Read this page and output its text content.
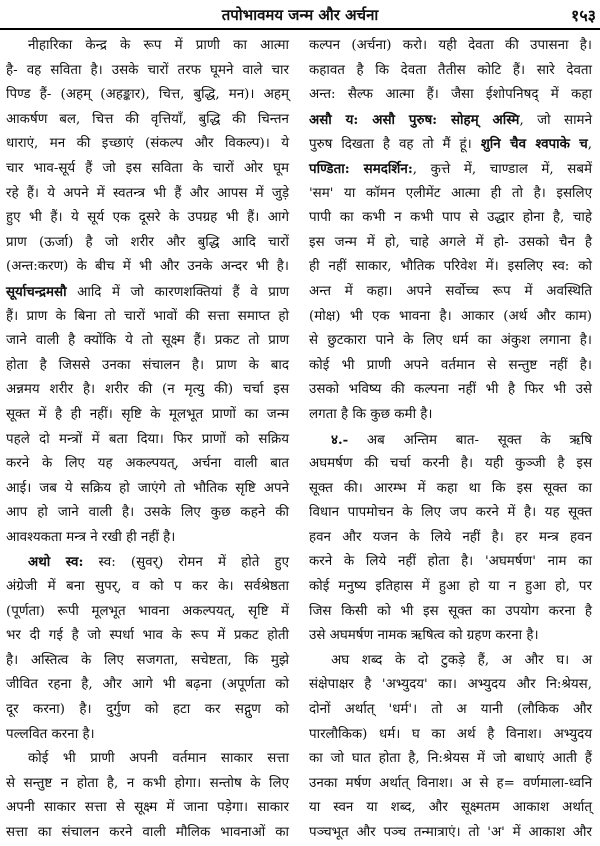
तपोभावमय जन्म और अर्चना	१५३
नीहारिका केन्द्र के रूप में प्राणी का आत्मा
है- वह सविता है। उसके चारों तरफ घूमने वाले चार
पिण्ड हैं- (अहम् (अहङ्कार), चित्त, बुद्धि, मन)। अहम्
आकर्षण बल, चित्त की वृत्तियाँ, बुद्धि की चिन्तन
धाराएं, मन की इच्छाएं (संकल्प और विकल्प)। ये
चार भाव-सूर्य हैं जो इस सविता के चारों ओर घूम
रहे हैं। ये अपने में स्वतन्त्र भी हैं और आपस में जुड़े
हुए भी हैं। ये सूर्य एक दूसरे के उपग्रह भी हैं। आगे
प्राण (ऊर्जा) है जो शरीर और बुद्धि आदि चारों
(अन्त:करण) के बीच में भी और उनके अन्दर भी है।
सूर्याचन्द्रमसौ आदि में जो कारणशक्तियां हैं वे प्राण
हैं। प्राण के बिना तो चारों भावों की सत्ता समाप्त हो
जाने वाली है क्योंकि ये तो सूक्ष्म हैं। प्रकट तो प्राण
होता है जिससे उनका संचालन है। प्राण के बाद
अन्नमय शरीर है। शरीर की (न मृत्यु की) चर्चा इस
सूक्त में है ही नहीं। सृष्टि के मूलभूत प्राणों का जन्म
पहले दो मन्त्रों में बता दिया। फिर प्राणों को सक्रिय
करने के लिए यह अकल्पयत्, अर्चना वाली बात
आई। जब ये सक्रिय हो जाएंगे तो भौतिक सृष्टि अपने
आप हो जाने वाली है। उसके लिए कुछ कहने की
आवश्यकता मन्त्र ने रखी ही नहीं है।
अथो स्व: स्व: (सुवर्) रोमन में होते हुए
अंग्रेजी में बना सुपर्, व को प कर के। सर्वश्रेष्ठता
(पूर्णता) रूपी मूलभूत भावना अकल्पयत्, सृष्टि में
भर दी गई है जो स्पर्धा भाव के रूप में प्रकट होती
है। अस्तित्व के लिए सजगता, सचेष्टता, कि मुझे
जीवित रहना है, और आगे भी बढ़ना (अपूर्णता को
दूर करना) है। दुर्गुण को हटा कर सद्गुण को
पल्लवित करना है।
कोई भी प्राणी अपनी वर्तमान साकार सत्ता
से सन्तुष्ट न होता है, न कभी होगा। सन्तोष के लिए
अपनी साकार सत्ता से सूक्ष्म में जाना पड़ेगा। साकार
सत्ता का संचालन करने वाली मौलिक भावनाओं का
कल्पन (अर्चना) करो। यही देवता की उपासना है।
कहावत है कि देवता तैतीस कोटि हैं। सारे देवता
अन्त: सैल्फ आत्मा हैं। जैसा ईशोपनिषद् में कहा
असौ य: असौ पुरुष: सोहम् अस्मि, जो सामने
पुरुष दिखता है वह तो मैं हूं। शुनि चैव श्वपाके च,
पण्डिता: समदर्शिन:, कुत्ते में, चाण्डाल में, सबमें
'सम' या कॉमन एलीमेंट आत्मा ही तो है। इसलिए
पापी का कभी न कभी पाप से उद्धार होना है, चाहे
इस जन्म में हो, चाहे अगले में हो- उसको चैन है
ही नहीं साकार, भौतिक परिवेश में। इसलिए स्व: को
अन्त में कहा। अपने सर्वोच्च रूप में अवस्थिति
(मोक्ष) भी एक भावना है। आकार (अर्थ और काम)
से छुटकारा पाने के लिए धर्म का अंकुश लगाना है।
कोई भी प्राणी अपने वर्तमान से सन्तुष्ट नहीं है।
उसको भविष्य की कल्पना नहीं भी है फिर भी उसे
लगता है कि कुछ कमी है।
४.- अब अन्तिम बात- सूक्त के ऋषि
अघमर्षण की चर्चा करनी है। यही कुञ्जी है इस
सूक्त की। आरम्भ में कहा था कि इस सूक्त का
विधान पापमोचन के लिए जप करने में है। यह सूक्त
हवन और यजन के लिये नहीं है। हर मन्त्र हवन
करने के लिये नहीं होता है। 'अघमर्षण' नाम का
कोई मनुष्य इतिहास में हुआ हो या न हुआ हो, पर
जिस किसी को भी इस सूक्त का उपयोग करना है
उसे अघमर्षण नामक ऋषित्व को ग्रहण करना है।
अघ शब्द के दो टुकड़े हैं, अ और घ। अ
संक्षेपाक्षर है 'अभ्युदय' का। अभ्युदय और नि:श्रेयस,
दोनों अर्थात् 'धर्म'। तो अ यानी (लौकिक और
पारलौकिक) धर्म। घ का अर्थ है विनाश। अभ्युदय
का जो घात होता है, नि:श्रेयस में जो बाधाएं आती हैं
उनका मर्षण अर्थात् विनाश। अ से ह= वर्णमाला-ध्वनि
या स्वन या शब्द, और सूक्ष्मतम आकाश अर्थात्
पञ्चभूत और पञ्च तन्मात्राएं। तो 'अ' में आकाश और
